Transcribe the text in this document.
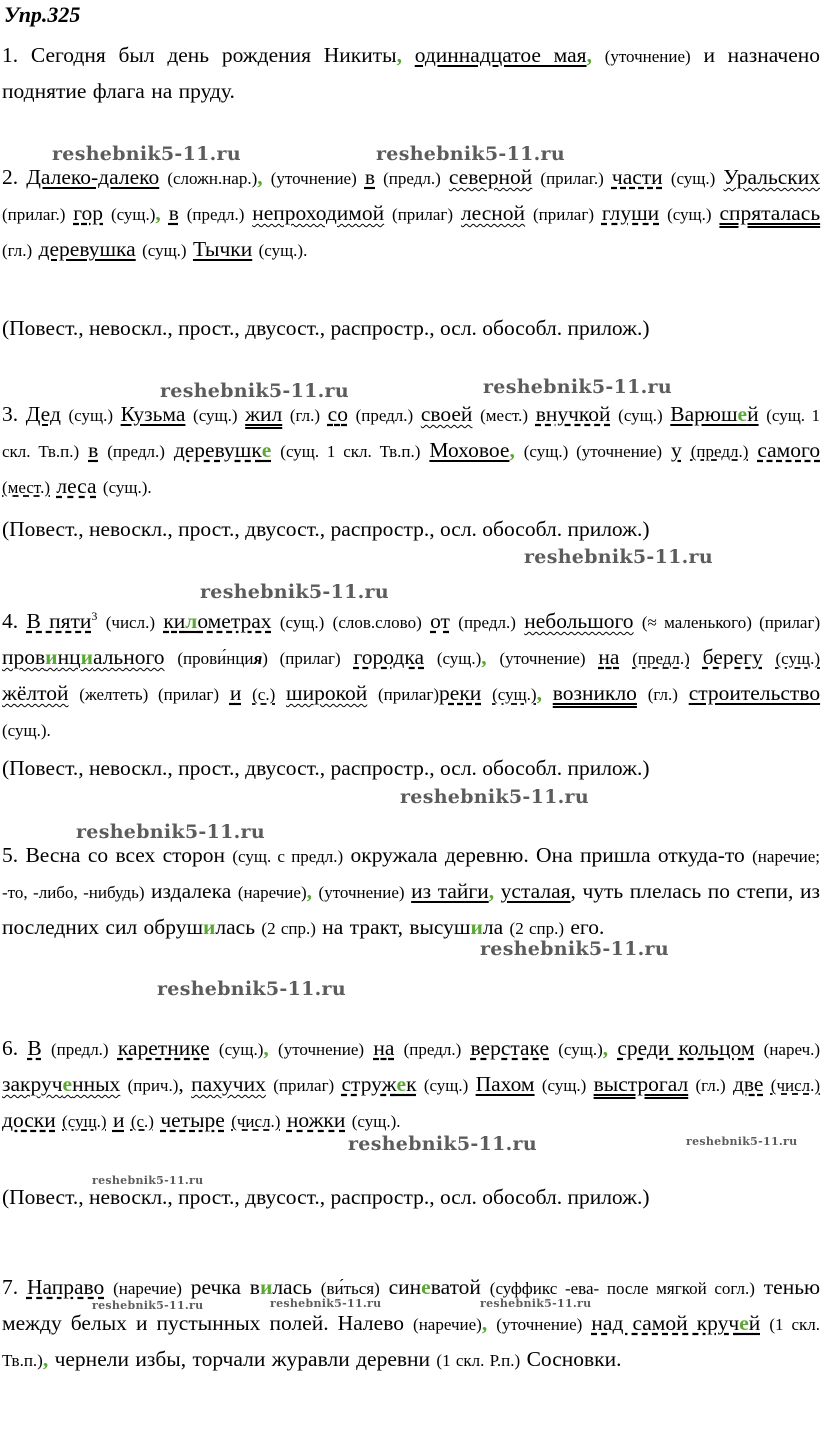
Упр.325
1. Сегодня был день рождения Никиты, одиннадцатое мая, (уточнение) и назначено поднятие флага на пруду.
2. Далеко-далеко (сложн.нар.), (уточнение) в (предл.) северной (прилаг.) части (сущ.) Уральских (прилаг.) гор (сущ.), в (предл.) непроходимой (прилаг) лесной (прилаг) глуши (сущ.) спряталась (гл.) деревушка (сущ.) Тычки (сущ.).
(Повест., невоскл., прост., двусост., распростр., осл. обособл. прилож.)
3. Дед (сущ.) Кузьма (сущ.) жил (гл.) со (предл.) своей (мест.) внучкой (сущ.) Варюшей (сущ. 1 скл. Тв.п.) в (предл.) деревушке (сущ. 1 скл. Тв.п.) Моховое, (сущ.) (уточнение) у (предл.) самого (мест.) леса (сущ.).
(Повест., невоскл., прост., двусост., распростр., осл. обособл. прилож.)
4. В пяти$^3$ (числ.) километрах (сущ.) (слов.слово) от (предл.) небольшого (≈ маленького) (прилаг) провинциального (прови́нция) (прилаг) городка (сущ.), (уточнение) на (предл.) берегу (сущ.) жёлтой (желтеть) (прилаг) и (с.) широкой (прилаг)реки (сущ.), возникло (гл.) строительство (сущ.).
(Повест., невоскл., прост., двусост., распростр., осл. обособл. прилож.)
5. Весна со всех сторон (сущ. с предл.) окружала деревню. Она пришла откуда-то (наречие; -то, -либо, -нибудь) издалека (наречие), (уточнение) из тайги, усталая, чуть плелась по степи, из последних сил обрушилась (2 спр.) на тракт, высушила (2 спр.) его.
6. В (предл.) каретнике (сущ.), (уточнение) на (предл.) верстаке (сущ.), среди кольцом (нареч.) закрученных (прич.), пахучих (прилаг) стружек (сущ.) Пахом (сущ.) выстрогал (гл.) две (числ.) доски (сущ.) и (с.) четыре (числ.) ножки (сущ.).
(Повест., невоскл., прост., двусост., распростр., осл. обособл. прилож.)
7. Направо (наречие) речка вилась (ви́ться) синеватой (суффикс -ева- после мягкой согл.) тенью между белых и пустынных полей. Налево (наречие), (уточнение) над самой кручей (1 скл. Тв.п.), чернели избы, торчали журавли деревни (1 скл. Р.п.) Сосновки.
reshebnik5-11.ru	reshebnik5-11.ru
reshebnik5-11.ru	reshebnik5-11.ru
reshebnik5-11.ru
reshebnik5-11.ru
reshebnik5-11.ru
reshebnik5-11.ru
reshebnik5-11.ru
reshebnik5-11.ru
reshebnik5-11.ru	reshebnik5-11.ru
reshebnik5-11.ru
reshebnik5-11.ru	reshebnik5-11.ru	reshebnik5-11.ru
